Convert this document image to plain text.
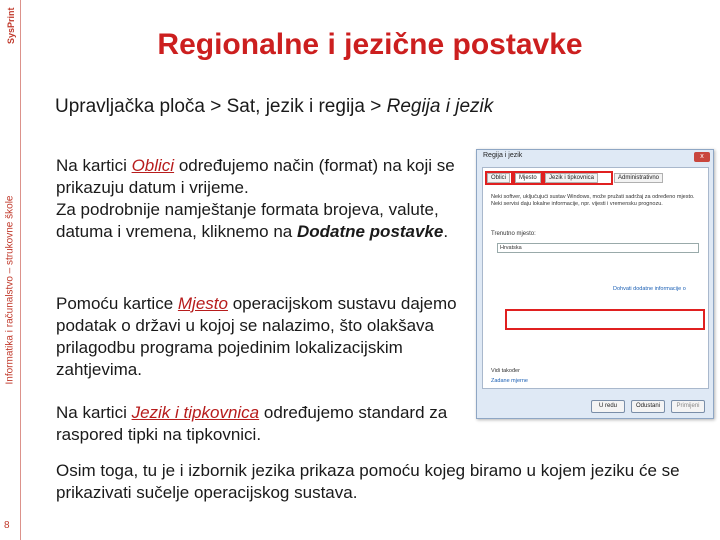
SysPrint
Informatika i računalstvo – strukovne škole
8
Regionalne i jezične postavke
Upravljačka ploča > Sat, jezik i regija > Regija i jezik
Na kartici Oblici određujemo način (format) na koji se prikazuju datum i vrijeme.
Za podrobnije namještanje formata brojeva, valute, datuma i vremena, kliknemo na Dodatne postavke.
Pomoću kartice Mjesto operacijskom sustavu dajemo podatak o državi u kojoj se nalazimo, što olakšava prilagodbu programa pojedinim lokalizacijskim zahtjevima.
Na kartici Jezik i tipkovnica određujemo standard za raspored tipki na tipkovnici.
Osim toga, tu je i izbornik jezika prikaza pomoću kojeg biramo u kojem jeziku će se prikazivati sučelje operacijskog sustava.
Regija i jezik	x
Oblici	Mjesto	Jezik i tipkovnica	Administrativno
Neki softver, uključujući sustav Windows, može pružati sadržaj za određeno mjesto. Neki servisi daju lokalne informacije, npr. vijesti i vremensku prognozu.
Trenutno mjesto:
Hrvatska
Dohvati dodatne informacije o
Vidi također
Zadane mjerne
U redu	Odustani	Primijeni
